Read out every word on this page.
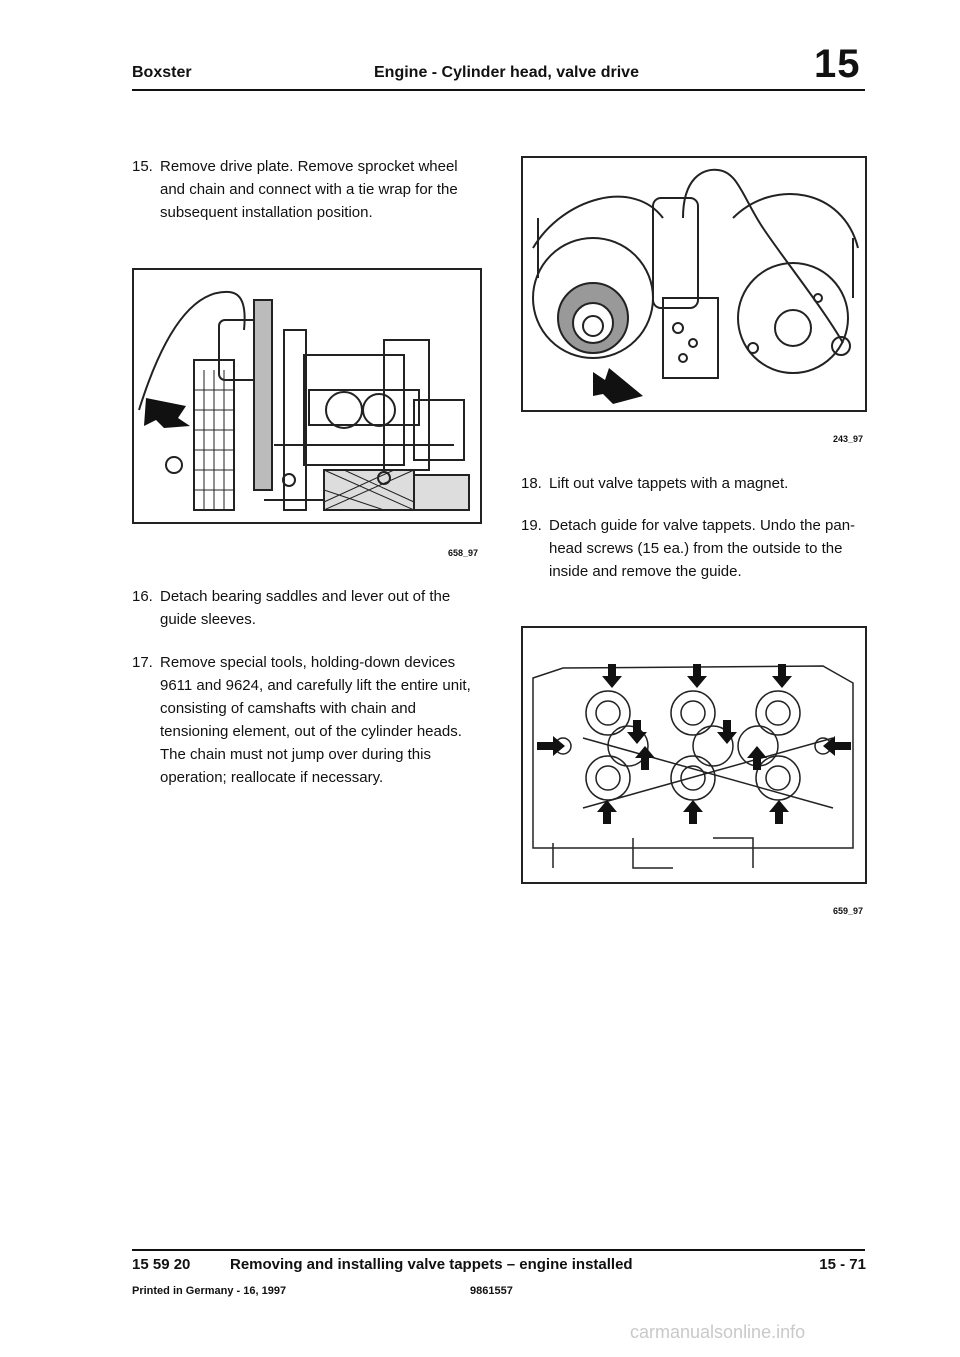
Boxster	Engine - Cylinder head, valve drive	15
15. Remove drive plate. Remove sprocket wheel and chain and connect with a tie wrap for the subsequent installation position.
658_97
16. Detach bearing saddles and lever out of the guide sleeves.
17. Remove special tools, holding-down devices 9611 and 9624, and carefully lift the entire unit, consisting of camshafts with chain and tensioning element, out of the cylinder heads. The chain must not jump over during this operation; reallocate if necessary.
243_97
18. Lift out valve tappets with a magnet.
19. Detach guide for valve tappets. Undo the pan-head screws (15 ea.) from the outside to the inside and remove the guide.
659_97
15 59 20	Removing and installing valve tappets – engine installed	15 - 71
Printed in Germany - 16, 1997	9861557
carmanualsonline.info
